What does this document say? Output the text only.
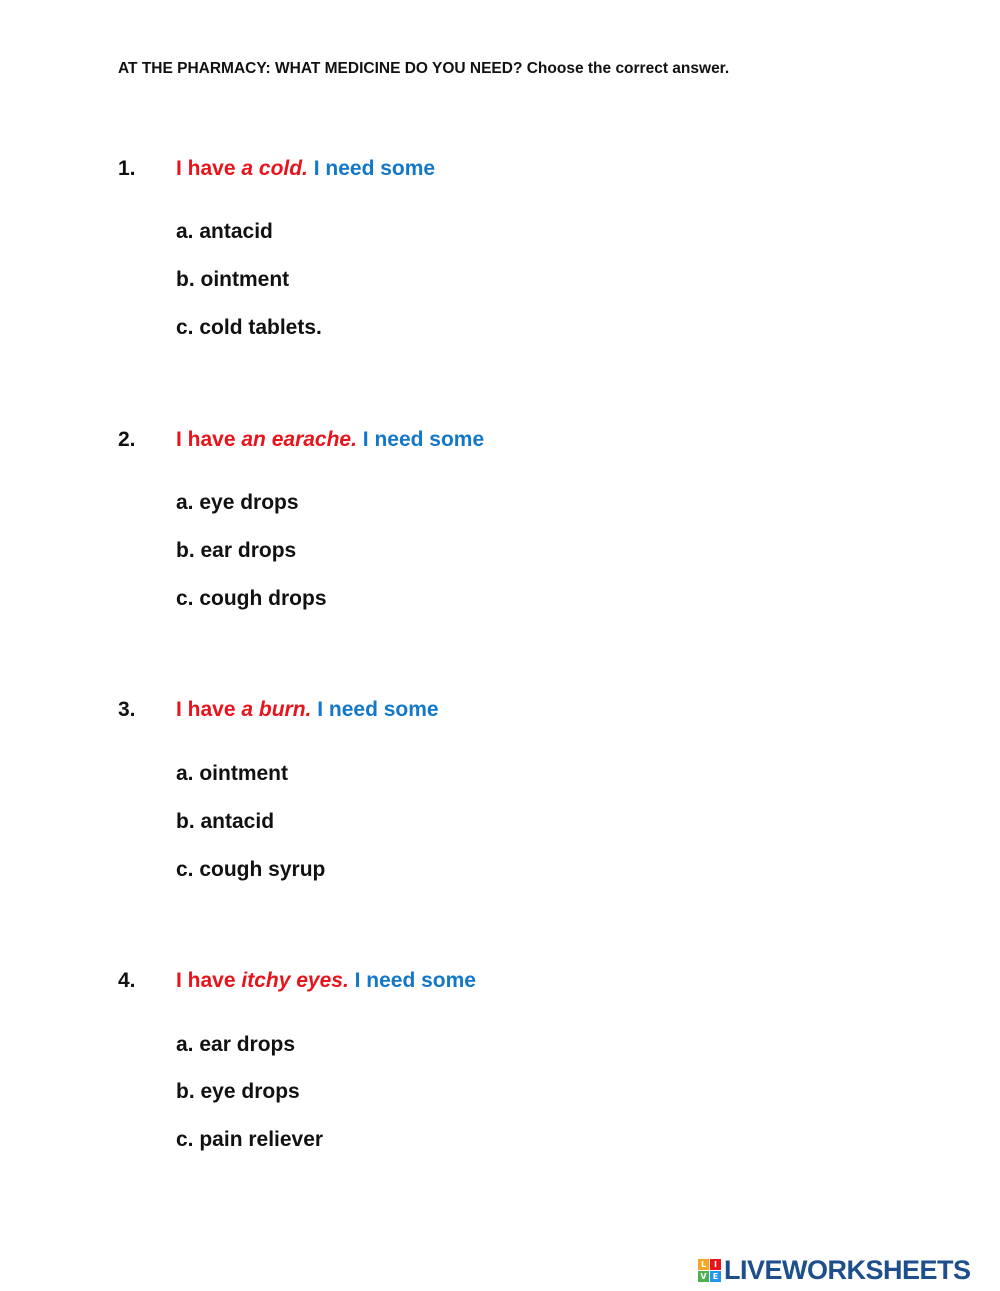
AT THE PHARMACY: WHAT MEDICINE DO YOU NEED? Choose the correct answer.
1. I have a cold. I need some
a. antacid
b. ointment
c. cold tablets.
2. I have an earache. I need some
a. eye drops
b. ear drops
c. cough drops
3. I have a burn. I need some
a. ointment
b. antacid
c. cough syrup
4. I have itchy eyes. I need some
a. ear drops
b. eye drops
c. pain reliever
L I
V E LIVEWORKSHEETS
